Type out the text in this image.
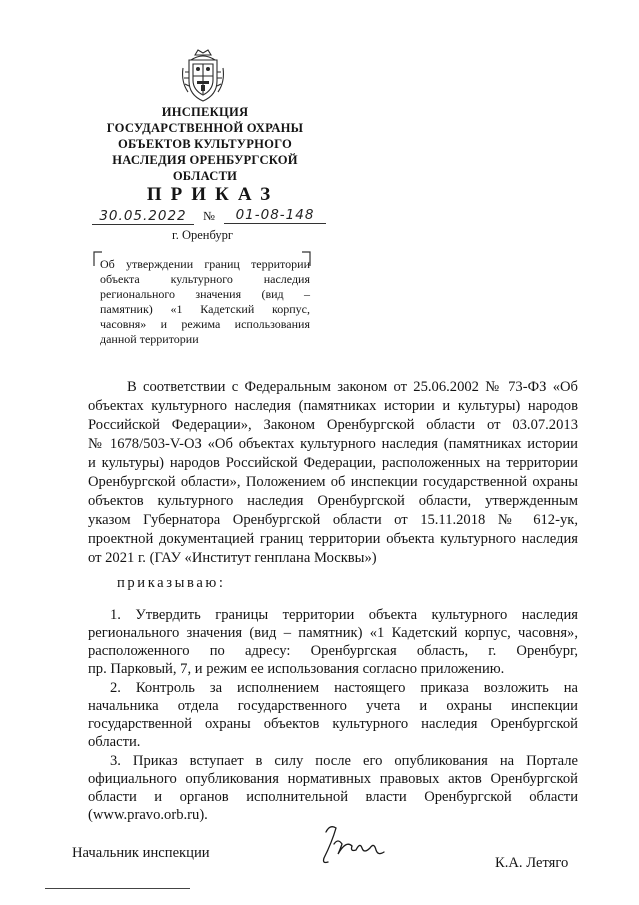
ИНСПЕКЦИЯ
ГОСУДАРСТВЕННОЙ ОХРАНЫ
ОБЪЕКТОВ КУЛЬТУРНОГО
НАСЛЕДИЯ ОРЕНБУРГСКОЙ
ОБЛАСТИ
ПРИКАЗ
30.05.2022	№	01-08-148
г. Оренбург
Об утверждении границ территории
объекта культурного наследия
регионального значения (вид –
памятник) «1 Кадетский корпус,
часовня» и режима использования
данной территории
В соответствии с Федеральным законом от 25.06.2002 № 73-ФЗ «Об
объектах культурного наследия (памятниках истории и культуры) народов
Российской Федерации», Законом Оренбургской области от 03.07.2013
№ 1678/503-V-ОЗ «Об объектах культурного наследия (памятниках истории
и культуры) народов Российской Федерации, расположенных на территории
Оренбургской области», Положением об инспекции государственной охраны
объектов культурного наследия Оренбургской области, утвержденным
указом Губернатора Оренбургской области от 15.11.2018 № 612-ук,
проектной документацией границ территории объекта культурного наследия
от 2021 г. (ГАУ «Институт генплана Москвы»)
приказываю:
1. Утвердить границы территории объекта культурного наследия
регионального значения (вид – памятник) «1 Кадетский корпус, часовня»,
расположенного по адресу: Оренбургская область, г. Оренбург,
пр. Парковый, 7, и режим ее использования согласно приложению.
2. Контроль за исполнением настоящего приказа возложить на
начальника отдела государственного учета и охраны инспекции
государственной охраны объектов культурного наследия Оренбургской
области.
3. Приказ вступает в силу после его опубликования на Портале
официального опубликования нормативных правовых актов Оренбургской
области и органов исполнительной власти Оренбургской области
(www.pravo.orb.ru).
Начальник инспекции
К.А. Летяго
